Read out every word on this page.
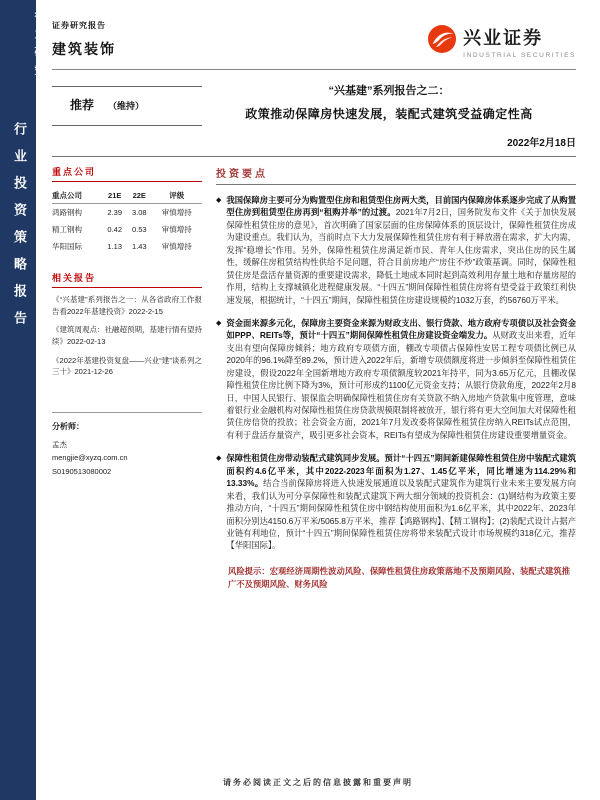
行业研究
行业投资策略报告
证券研究报告
建筑装饰
兴业证券
INDUSTRIAL SECURITIES
推荐 （维持）
“兴基建”系列报告之二：
政策推动保障房快速发展，装配式建筑受益确定性高
2022年2月18日
重点公司
重点公司	21E	22E	评级
鸿路钢构	2.39	3.08	审慎增持
精工钢构	0.42	0.53	审慎增持
华阳国际	1.13	1.43	审慎增持
相关报告
《“兴基建”系列报告之一：从各省政府工作报告看2022年基建投资》2022-2-15
《建筑周观点：社融超预期，基建行情有望持续》2022-02-13
《2022年基建投资复盘——兴业“建”谈系列之三十》2021-12-26
分析师：
孟杰
mengjie@xyzq.com.cn
S0190513080002
投资要点
◆ 我国保障房主要可分为购置型住房和租赁型住房两大类，目前国内保障房体系逐步完成了从购置型住房到租赁型住房再到“租购并举”的过渡。2021年7月2日，国务院发布文件《关于加快发展保障性租赁住房的意见》，首次明确了国家层面的住房保障体系的顶层设计，保障性租赁住房成为建设重点。我们认为，当前时点下大力发展保障性租赁住房有利于释放潜在需求，扩大内需，发挥“稳增长”作用。另外，保障性租赁住房满足新市民、青年人住房需求，突出住房的民生属性，缓解住房租赁结构性供给不足问题，符合目前房地产“房住不炒”政策基调。同时，保障性租赁住房是盘活存量资源的重要建设需求，降低土地成本同时起到高效利用存量土地和存量房屋的作用，结构上支撑城镇化进程健康发展。“十四五”期间保障性租赁住房将有望受益于政策红利快速发展，根据统计，“十四五”期间，保障性租赁住房建设规模约1032万套，约56760万平米。
◆ 资金面来源多元化，保障房主要资金来源为财政支出、银行贷款、地方政府专项债以及社会资金如PPP、REITs等，预计“十四五”期间保障性租赁住房建设资金端发力。从财政支出来看，近年支出有望向保障房倾斜；地方政府专项债方面，棚改专项债占保障性安居工程专项债比例已从2020年的96.1%降至89.2%，预计进入2022年后，新增专项债额度将进一步倾斜至保障性租赁住房建设，假设2022年全国新增地方政府专项债额度较2021年持平，同为3.65万亿元，且棚改保障性租赁住房比例下降为3%，预计可形成约1100亿元资金支持；从银行贷款角度，2022年2月8日，中国人民银行、银保监会明确保障性租赁住房有关贷款不纳入房地产贷款集中度管理，意味着银行业金融机构对保障性租赁住房贷款规模限制将被放开，银行将有更大空间加大对保障性租赁住房信贷的投放；社会资金方面，2021年7月发改委将保障性租赁住房纳入REITs试点范围，有利于盘活存量资产，吸引更多社会资本，REITs有望成为保障性租赁住房建设重要增量资金。
◆ 保障性租赁住房带动装配式建筑同步发展。预计“十四五”期间新建保障性租赁住房中装配式建筑面积约4.6亿平米，其中2022-2023年面积为1.27、1.45亿平米，同比增速为114.29%和13.33%。结合当前保障房将进入快速发展通道以及装配式建筑作为建筑行业未来主要发展方向来看，我们认为可分享保障性和装配式建筑下两大细分领域的投资机会：(1)钢结构为政策主要推动方向，“十四五”期间保障性租赁住房中钢结构使用面积为1.6亿平米，其中2022年、2023年面积分别达4150.6万平米/5065.8万平米，推荐【鸿路钢构】、【精工钢构】；(2)装配式设计占据产业链有利地位，预计“十四五”期间保障性租赁住房将带来装配式设计市场规模约318亿元，推荐【华阳国际】。
风险提示：宏观经济周期性波动风险、保障性租赁住房政策落地不及预期风险、装配式建筑推广不及预期风险、财务风险
请务必阅读正文之后的信息披露和重要声明
